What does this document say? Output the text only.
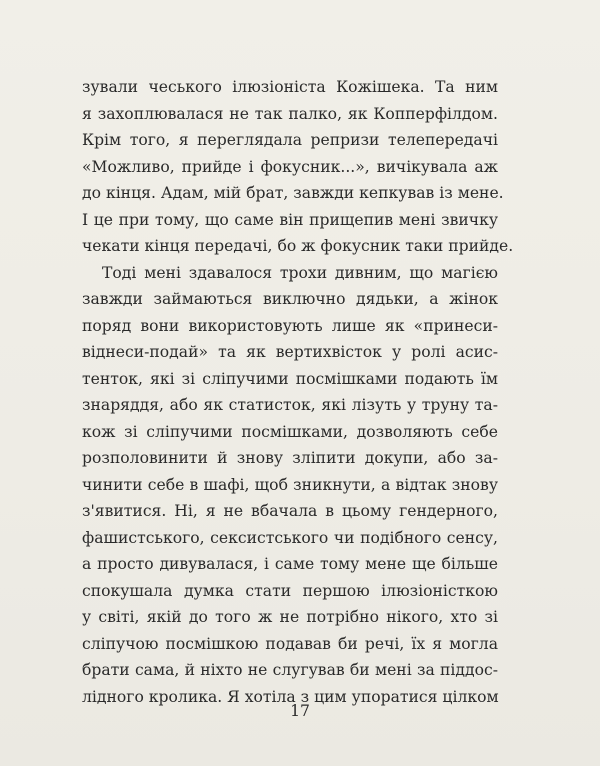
зували чеського ілюзіоніста Кожішека. Та ним
я захоплювалася не так палко, як Копперфілдом.
Крім того, я переглядала репризи телепередачі
«Можливо, прийде і фокусник...», вичікувала аж
до кінця. Адам, мій брат, завжди кепкував із мене.
І це при тому, що саме він прищепив мені звичку
чекати кінця передачі, бо ж фокусник таки прийде.
Тоді мені здавалося трохи дивним, що магією
завжди займаються виключно дядьки, а жінок
поряд вони використовують лише як «принеси-
віднеси-подай» та як вертихвісток у ролі асис-
тенток, які зі сліпучими посмішками подають їм
знаряддя, або як статисток, які лізуть у труну та-
кож зі сліпучими посмішками, дозволяють себе
розполовинити й знову зліпити докупи, або за-
чинити себе в шафі, щоб зникнути, а відтак знову
з'явитися. Ні, я не вбачала в цьому гендерного,
фашистського, сексистського чи подібного сенсу,
а просто дивувалася, і саме тому мене ще більше
спокушала думка стати першою ілюзіоністкою
у світі, якій до того ж не потрібно нікого, хто зі
сліпучою посмішкою подавав би речі, їх я могла
брати сама, й ніхто не слугував би мені за піддос-
лідного кролика. Я хотіла з цим упоратися цілком
17
